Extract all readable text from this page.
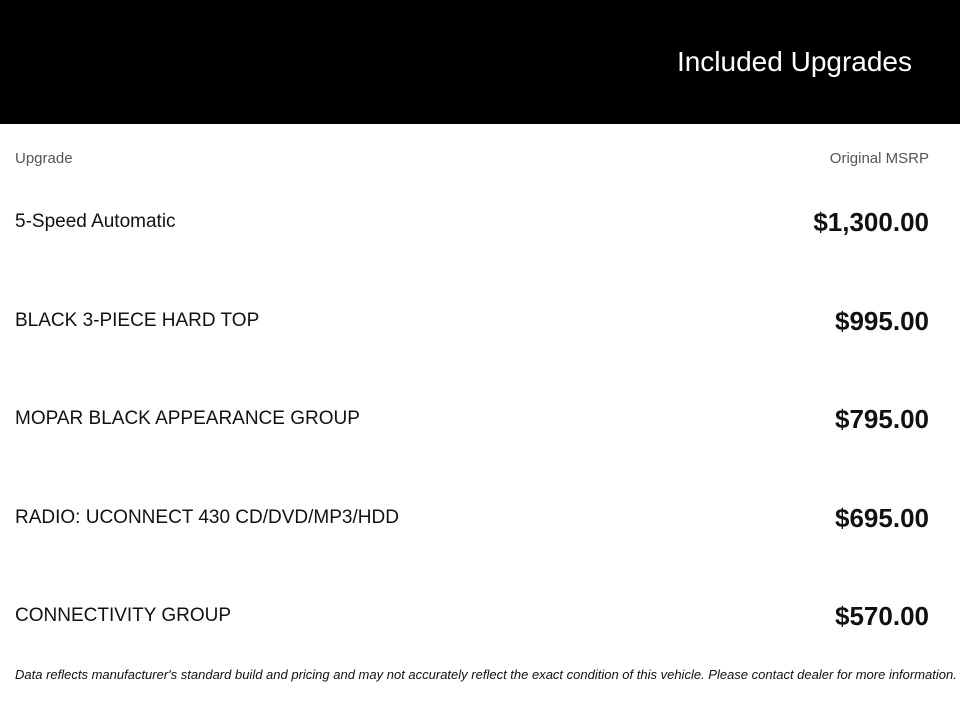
Included Upgrades
Upgrade	Original MSRP
5-Speed Automatic	$1,300.00
BLACK 3-PIECE HARD TOP	$995.00
MOPAR BLACK APPEARANCE GROUP	$795.00
RADIO: UCONNECT 430 CD/DVD/MP3/HDD	$695.00
CONNECTIVITY GROUP	$570.00
Data reflects manufacturer's standard build and pricing and may not accurately reflect the exact condition of this vehicle. Please contact dealer for more information.
